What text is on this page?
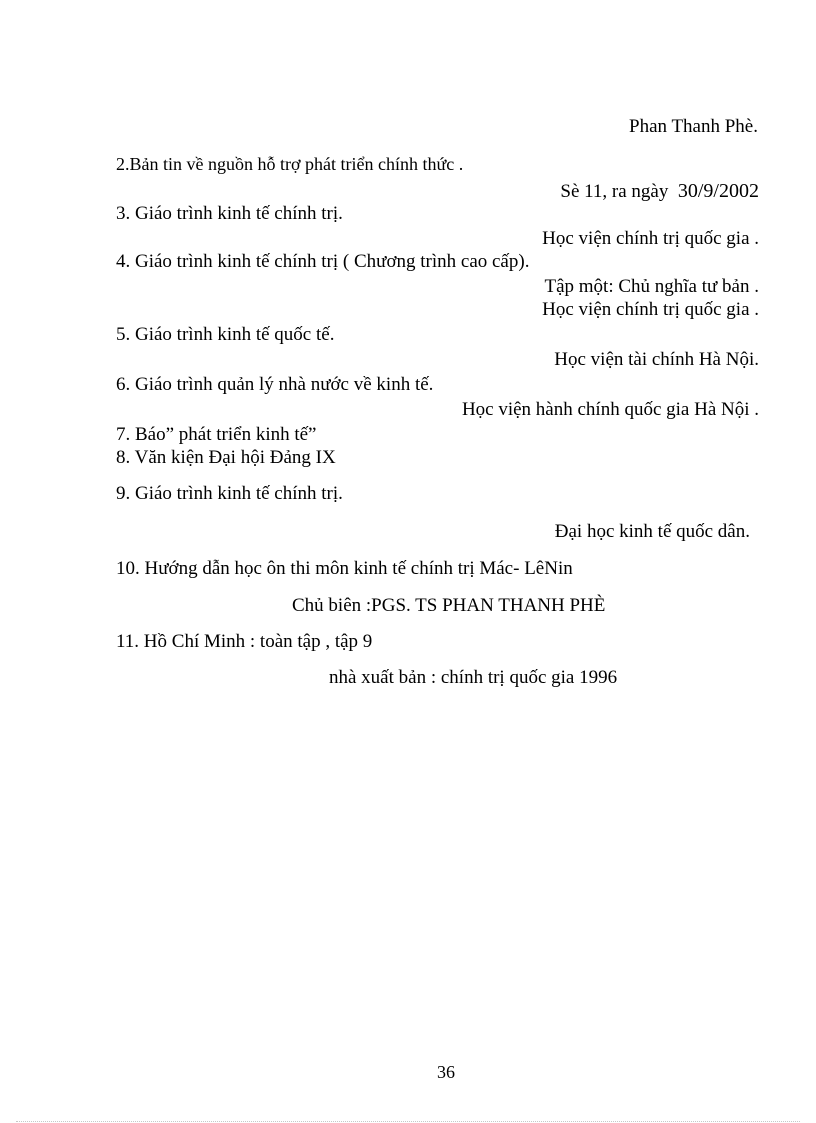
Phan Thanh Phè.
2.Bản tin về nguồn hỗ trợ phát triển chính thức .
Sè 11, ra ngày 30/9/2002
3. Giáo trình kinh tế chính trị.
Học viện chính trị quốc gia .
4. Giáo trình kinh tế chính trị ( Chương trình cao cấp).
Tập một: Chủ nghĩa tư bản .
Học viện chính trị quốc gia .
5. Giáo trình kinh tế quốc tế.
Học viện tài chính Hà Nội.
6. Giáo trình quản lý nhà nước về kinh tế.
Học viện hành chính quốc gia Hà Nội .
7. Báo” phát triển kinh tế”
8. Văn kiện Đại hội Đảng IX
9. Giáo trình kinh tế chính trị.
Đại học kinh tế quốc dân.
10. Hướng dẫn học ôn thi môn kinh tế chính trị Mác- LêNin
Chủ biên :PGS. TS PHAN THANH PHÈ
11. Hồ Chí Minh : toàn tập , tập 9
nhà xuất bản : chính trị quốc gia 1996
36
